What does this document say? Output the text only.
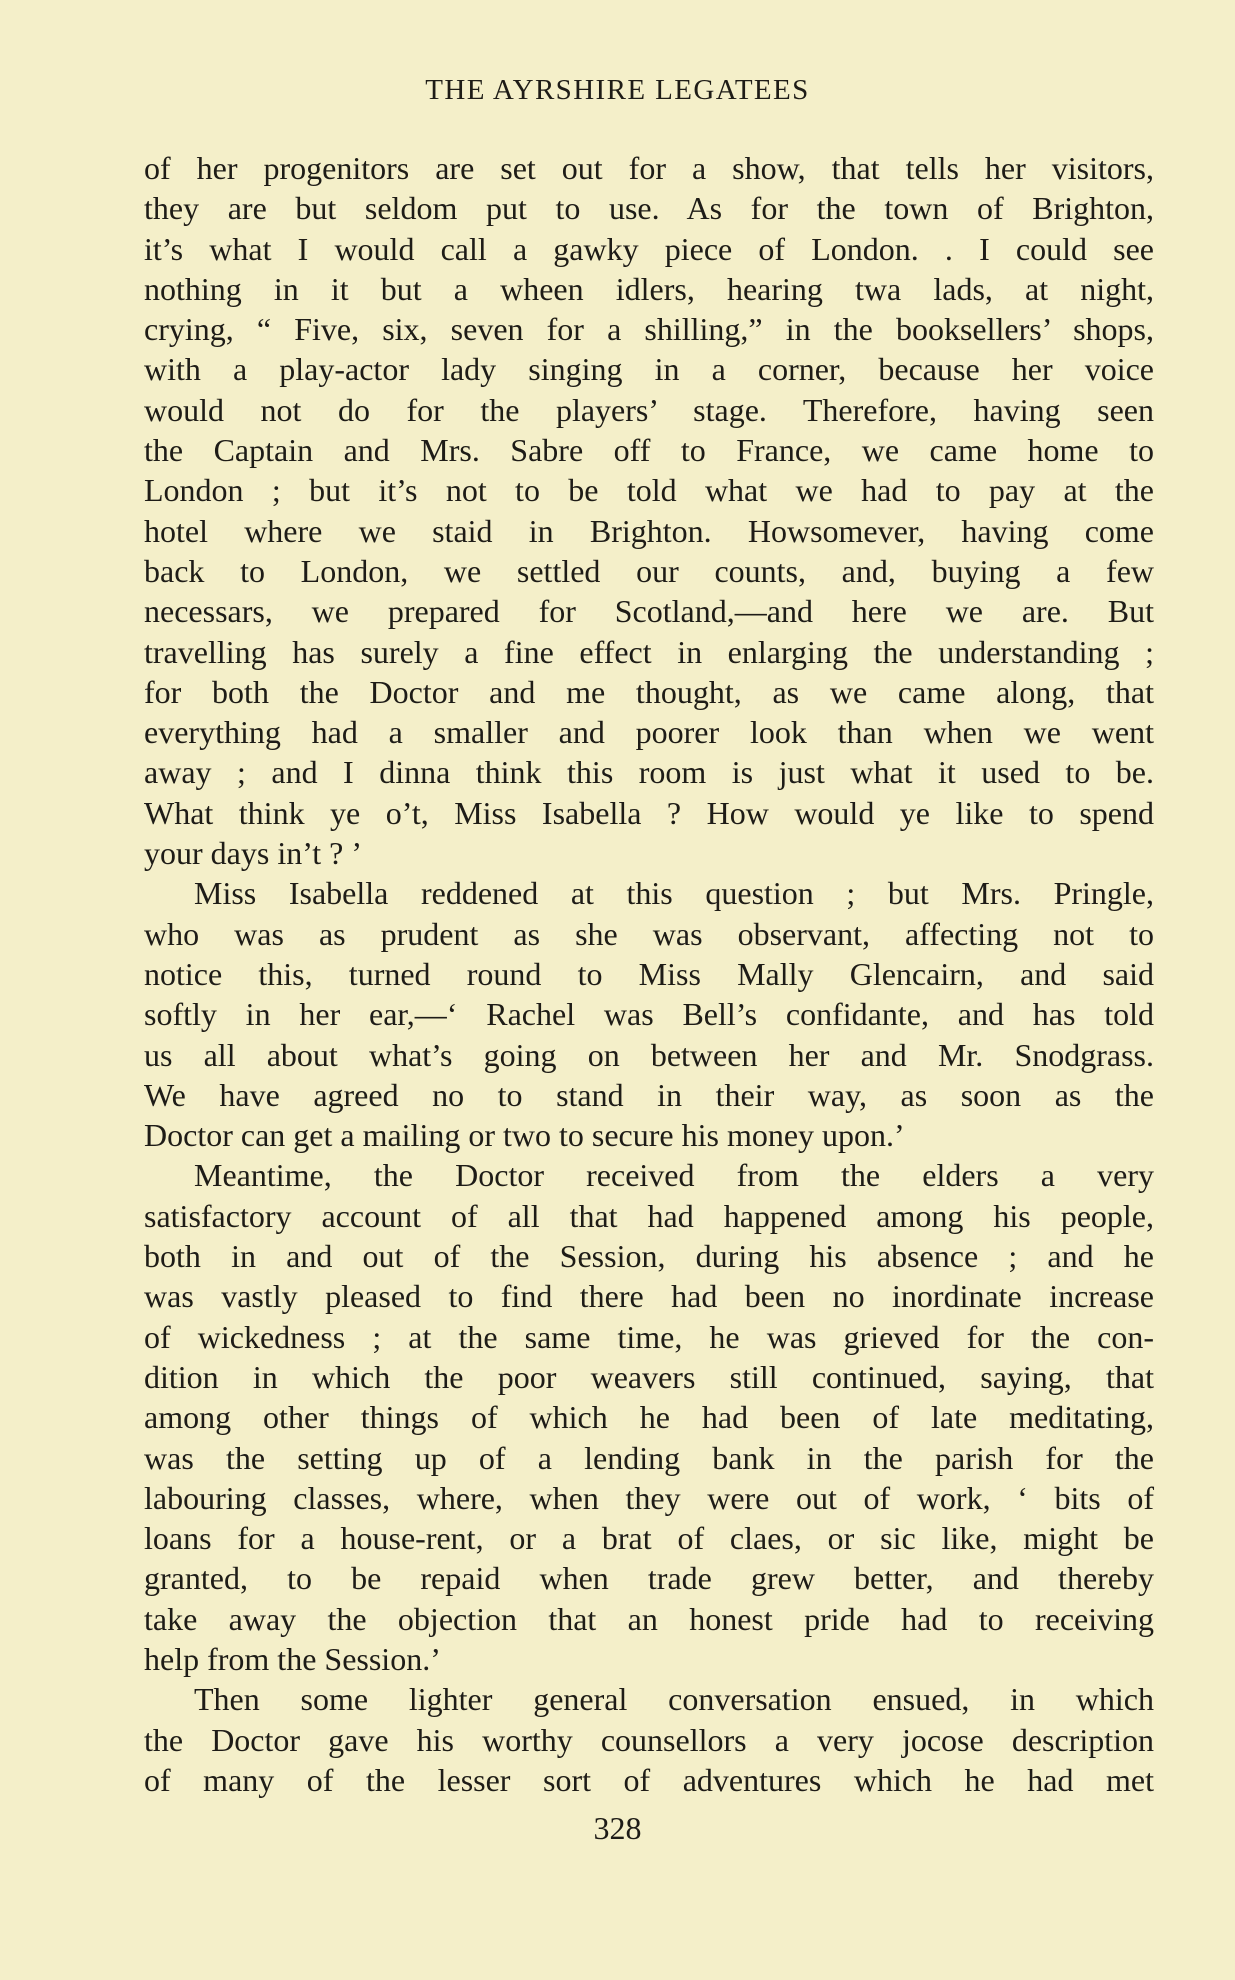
THE AYRSHIRE LEGATEES
of her progenitors are set out for a show, that tells her visitors,
they are but seldom put to use. As for the town of Brighton,
it’s what I would call a gawky piece of London. . I could see
nothing in it but a wheen idlers, hearing twa lads, at night,
crying, “ Five, six, seven for a shilling,” in the booksellers’ shops,
with a play-actor lady singing in a corner, because her voice
would not do for the players’ stage. Therefore, having seen
the Captain and Mrs. Sabre off to France, we came home to
London ; but it’s not to be told what we had to pay at the
hotel where we staid in Brighton. Howsomever, having come
back to London, we settled our counts, and, buying a few
necessars, we prepared for Scotland,—and here we are. But
travelling has surely a fine effect in enlarging the understanding ;
for both the Doctor and me thought, as we came along, that
everything had a smaller and poorer look than when we went
away ; and I dinna think this room is just what it used to be.
What think ye o’t, Miss Isabella ? How would ye like to spend
your days in’t ? ’
Miss Isabella reddened at this question ; but Mrs. Pringle,
who was as prudent as she was observant, affecting not to
notice this, turned round to Miss Mally Glencairn, and said
softly in her ear,—‘ Rachel was Bell’s confidante, and has told
us all about what’s going on between her and Mr. Snodgrass.
We have agreed no to stand in their way, as soon as the
Doctor can get a mailing or two to secure his money upon.’
Meantime, the Doctor received from the elders a very
satisfactory account of all that had happened among his people,
both in and out of the Session, during his absence ; and he
was vastly pleased to find there had been no inordinate increase
of wickedness ; at the same time, he was grieved for the con-
dition in which the poor weavers still continued, saying, that
among other things of which he had been of late meditating,
was the setting up of a lending bank in the parish for the
labouring classes, where, when they were out of work, ‘ bits of
loans for a house-rent, or a brat of claes, or sic like, might be
granted, to be repaid when trade grew better, and thereby
take away the objection that an honest pride had to receiving
help from the Session.’
Then some lighter general conversation ensued, in which
the Doctor gave his worthy counsellors a very jocose description
of many of the lesser sort of adventures which he had met
328
